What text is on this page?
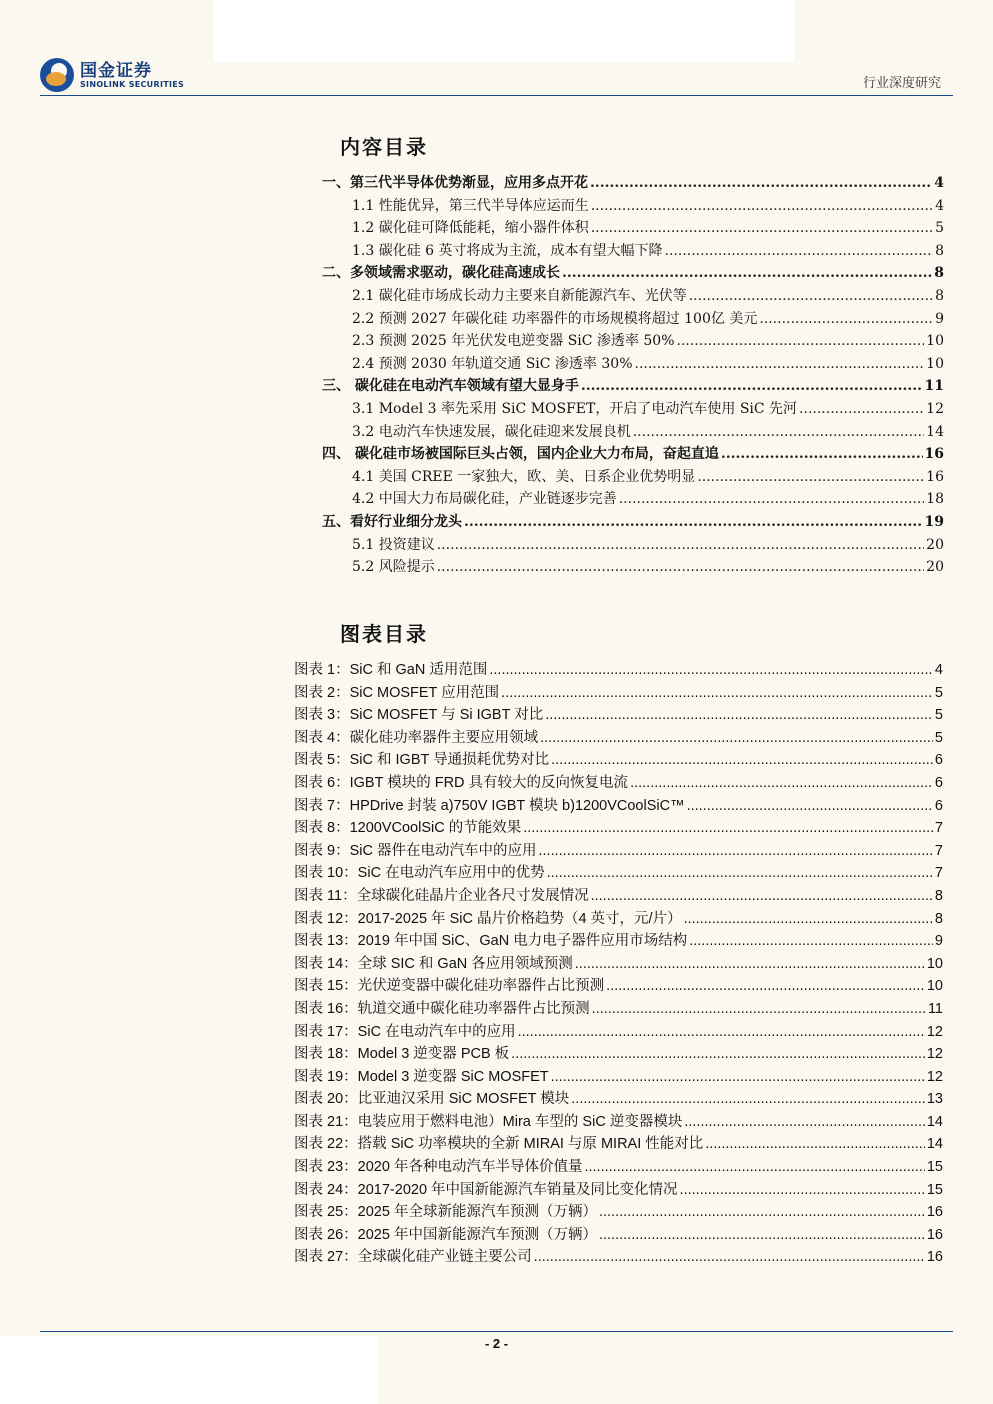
国金证券
SINOLINK SECURITIES	行业深度研究
内容目录
一、第三代半导体优势渐显，应用多点开花 .....	4
1.1 性能优异，第三代半导体应运而生 .....	4
1.2 碳化硅可降低能耗，缩小器件体积 .....	5
1.3 碳化硅 6 英寸将成为主流，成本有望大幅下降 .....	8
二、多领域需求驱动，碳化硅高速成长 .....	8
2.1 碳化硅市场成长动力主要来自新能源汽车、光伏等 .....	8
2.2 预测 2027 年碳化硅 功率器件的市场规模将超过 100亿 美元 .....	9
2.3 预测 2025 年光伏发电逆变器 SiC 渗透率 50% .....	10
2.4 预测 2030 年轨道交通 SiC 渗透率 30% .....	10
三、 碳化硅在电动汽车领域有望大显身手 .....	11
3.1 Model 3 率先采用 SiC MOSFET，开启了电动汽车使用 SiC 先河 .....	12
3.2 电动汽车快速发展，碳化硅迎来发展良机 .....	14
四、 碳化硅市场被国际巨头占领，国内企业大力布局，奋起直追 .....	16
4.1 美国 CREE 一家独大，欧、美、日系企业优势明显 .....	16
4.2 中国大力布局碳化硅，产业链逐步完善 .....	18
五、看好行业细分龙头 .....	19
5.1 投资建议 .....	20
5.2 风险提示 .....	20
图表目录
图表 1： SiC 和 GaN 适用范围 .....	4
图表 2： SiC MOSFET 应用范围 .....	5
图表 3： SiC MOSFET 与 Si IGBT 对比 .....	5
图表 4： 碳化硅功率器件主要应用领域 .....	5
图表 5： SiC 和 IGBT 导通损耗优势对比 .....	6
图表 6： IGBT 模块的 FRD 具有较大的反向恢复电流 .....	6
图表 7： HPDrive 封装 a)750V IGBT 模块 b)1200VCoolSiC™ .....	6
图表 8： 1200VCoolSiC 的节能效果 .....	7
图表 9： SiC 器件在电动汽车中的应用 .....	7
图表 10： SiC 在电动汽车应用中的优势 .....	7
图表 11： 全球碳化硅晶片企业各尺寸发展情况 .....	8
图表 12： 2017-2025 年 SiC 晶片价格趋势（4 英寸，元/片） .....	8
图表 13： 2019 年中国 SiC、GaN 电力电子器件应用市场结构 .....	9
图表 14： 全球 SIC 和 GaN 各应用领域预测 .....	10
图表 15： 光伏逆变器中碳化硅功率器件占比预测 .....	10
图表 16： 轨道交通中碳化硅功率器件占比预测 .....	11
图表 17： SiC 在电动汽车中的应用 .....	12
图表 18： Model 3 逆变器 PCB 板 .....	12
图表 19： Model 3 逆变器 SiC MOSFET .....	12
图表 20： 比亚迪汉采用 SiC MOSFET 模块 .....	13
图表 21： 电装应用于燃料电池）Mira 车型的 SiC 逆变器模块 .....	14
图表 22： 搭载 SiC 功率模块的全新 MIRAI 与原 MIRAI 性能对比 .....	14
图表 23： 2020 年各种电动汽车半导体价值量 .....	15
图表 24： 2017-2020 年中国新能源汽车销量及同比变化情况 .....	15
图表 25： 2025 年全球新能源汽车预测（万辆） .....	16
图表 26： 2025 年中国新能源汽车预测（万辆） .....	16
图表 27： 全球碳化硅产业链主要公司 .....	16
- 2 -
